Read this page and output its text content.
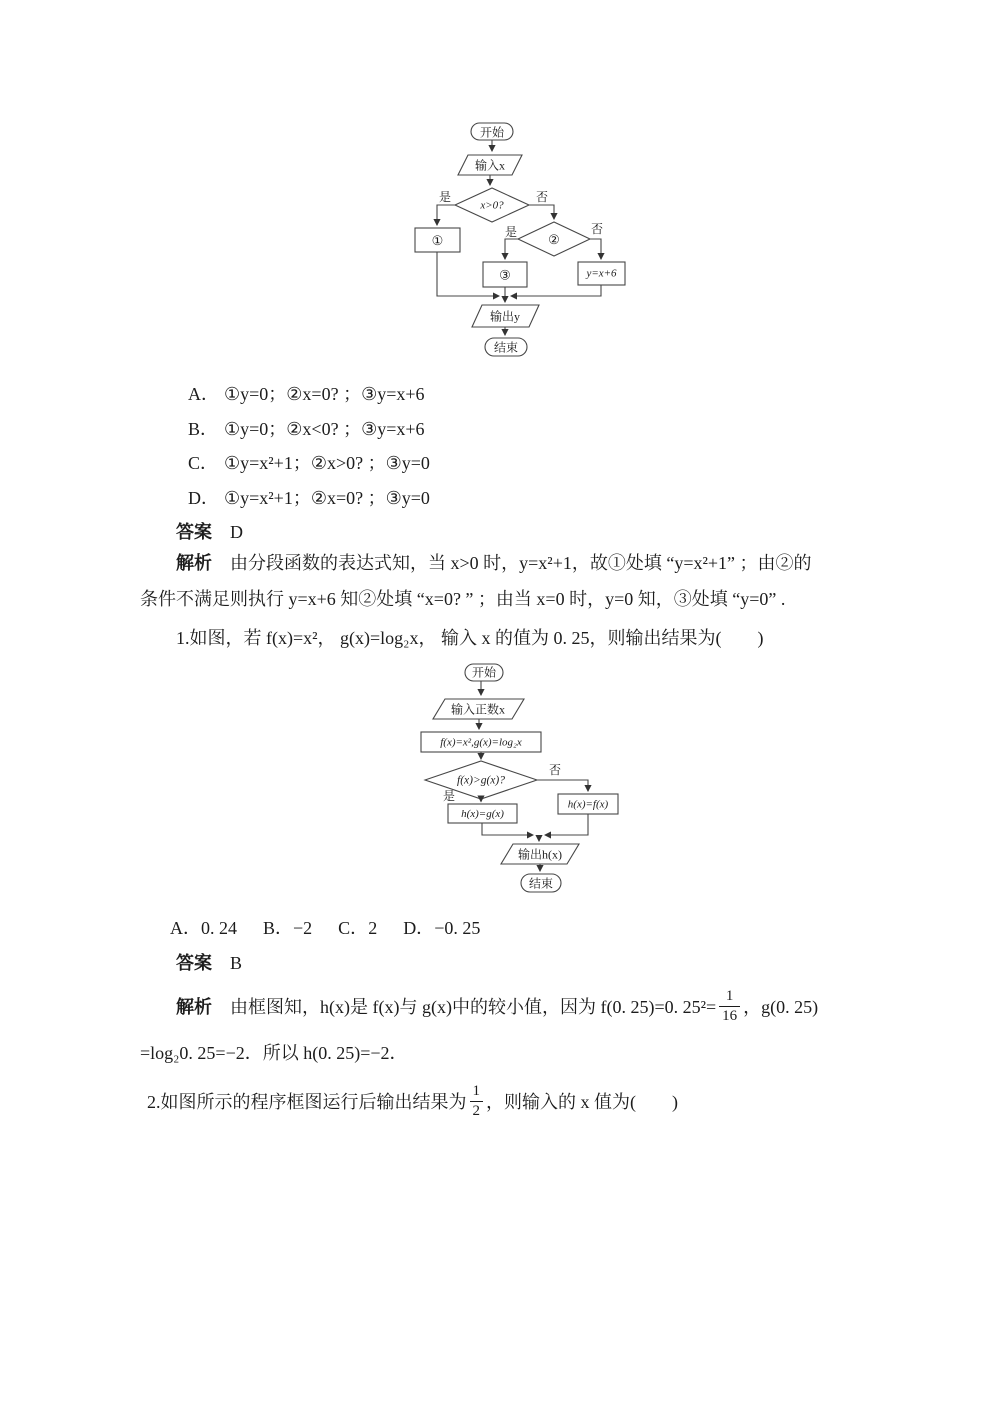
开始
输入x
x>0?
是	否
①	②
是	否
③	y=x+6
输出y
结束
A． ①y=0；②x=0? ；③y=x+6
B． ①y=0；②x<0? ；③y=x+6
C． ①y=x²+1；②x>0? ；③y=0
D． ①y=x²+1；②x=0? ；③y=0
答案 D
解析 由分段函数的表达式知，当 x>0 时，y=x²+1，故①处填 “y=x²+1” ；由②的
条件不满足则执行 y=x+6 知②处填 “x=0? ” ；由当 x=0 时，y=0 知，③处填 “y=0” .
1.如图，若 f(x)=x²， g(x)=log₂x， 输入 x 的值为 0. 25，则输出结果为(　　)
开始
输入正数x
f(x)=x²,g(x)=log₂x
f(x)>g(x)?
否
是
h(x)=f(x)
h(x)=g(x)
输出h(x)
结束
A．0. 24 B．−2 C．2 D．−0. 25
答案 B
解析 由框图知，h(x)是 f(x)与 g(x)中的较小值，因为 f(0. 25)=0. $25^2= \frac{1}{16}$ ，g(0. 25)
=log₂0. 25=−2．所以 h(0. 25)=−2．
2.如图所示的程序框图运行后输出结果为 $\frac{1}{2}$ ，则输入的 x 值为(　　)
